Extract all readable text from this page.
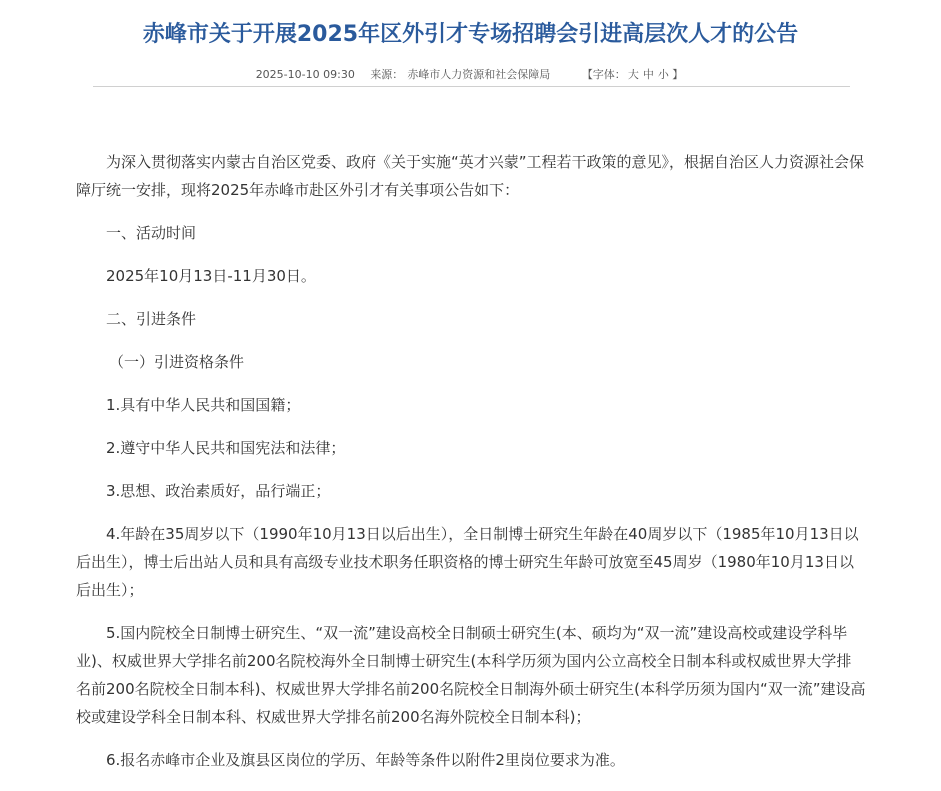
赤峰市关于开展2025年区外引才专场招聘会引进高层次人才的公告
2025-10-10 09:30 来源： 赤峰市人力资源和社会保障局	【字体： 大 中 小 】

为深入贯彻落实内蒙古自治区党委、政府《关于实施“英才兴蒙”工程若干政策的意见》，根据自治区人力资源社会保障厅统一安排，现将2025年赤峰市赴区外引才有关事项公告如下：

一、活动时间

2025年10月13日-11月30日。

二、引进条件

（一）引进资格条件

1.具有中华人民共和国国籍；

2.遵守中华人民共和国宪法和法律；

3.思想、政治素质好，品行端正；

4.年龄在35周岁以下（1990年10月13日以后出生），全日制博士研究生年龄在40周岁以下（1985年10月13日以后出生），博士后出站人员和具有高级专业技术职务任职资格的博士研究生年龄可放宽至45周岁（1980年10月13日以后出生）；

5.国内院校全日制博士研究生、“双一流”建设高校全日制硕士研究生(本、硕均为“双一流”建设高校或建设学科毕业)、权威世界大学排名前200名院校海外全日制博士研究生(本科学历须为国内公立高校全日制本科或权威世界大学排名前200名院校全日制本科)、权威世界大学排名前200名院校全日制海外硕士研究生(本科学历须为国内“双一流”建设高校或建设学科全日制本科、权威世界大学排名前200名海外院校全日制本科)；

6.报名赤峰市企业及旗县区岗位的学历、年龄等条件以附件2里岗位要求为准。
